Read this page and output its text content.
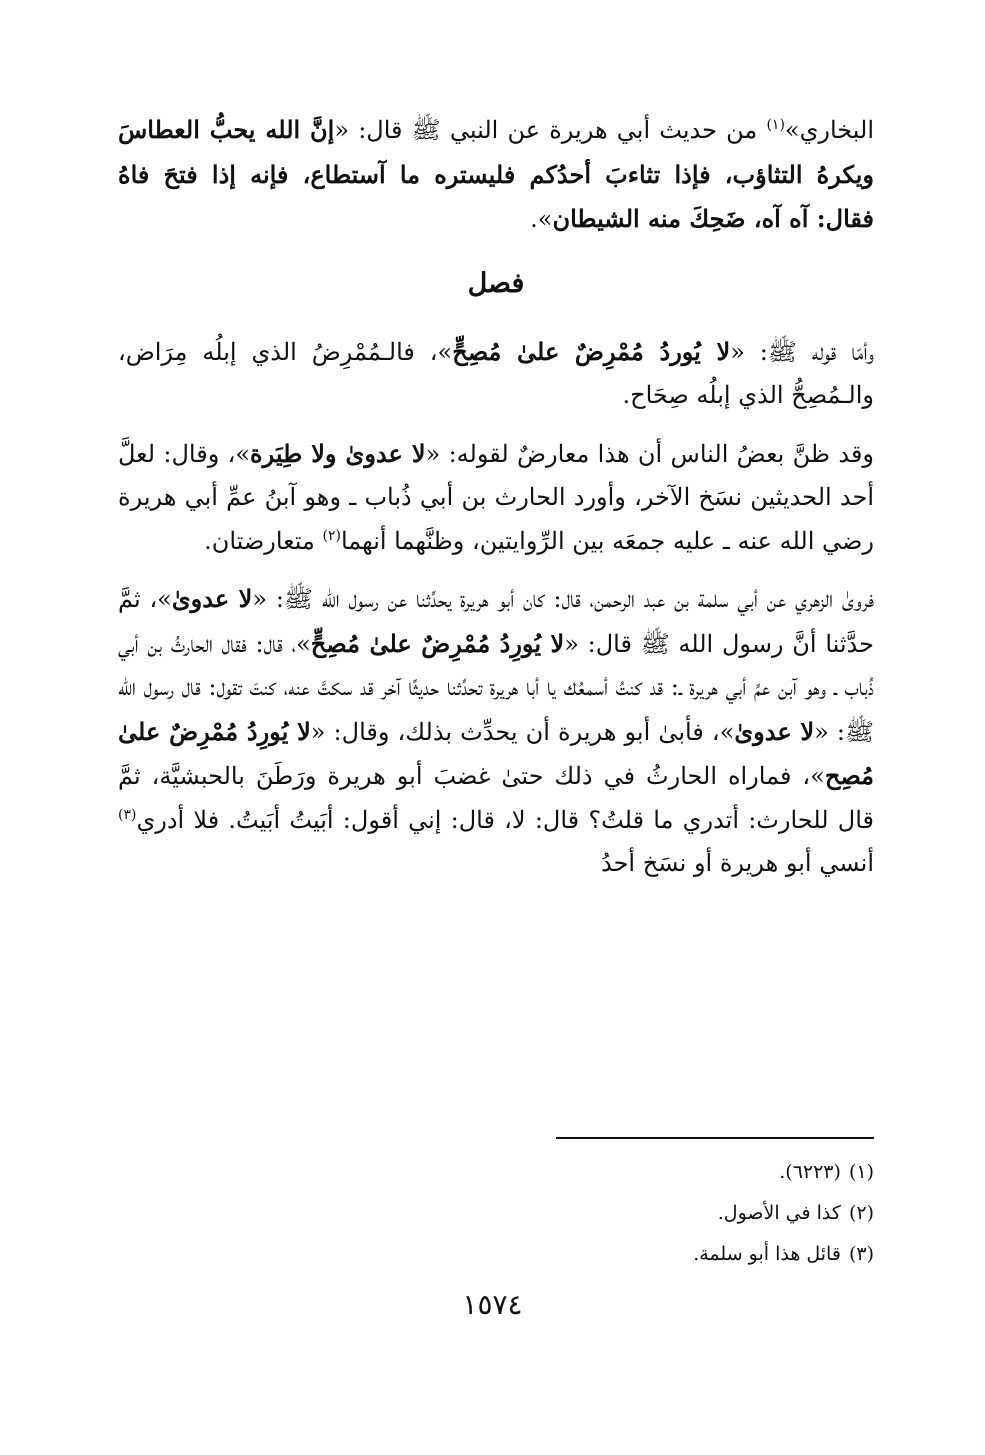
البخاري»$^{(١)}$ من حديث أبي هريرة عن النبي ﷺ قال: «إنَّ الله يحبُّ العطاسَ ويكرهُ التثاؤب، فإذا تثاءبَ أحدُكم فليستره ما آستطاع، فإنه إذا فتحَ فاهُ فقال: آه آه، ضَحِكَ منه الشيطان».

فصل

وأمّا قوله ﷺ: «لا يُوردُ مُمْرِضٌ علىٰ مُصِحٍّ»، فالـمُمْرِضُ الذي إبلُه مِرَاض، والـمُصِحُّ الذي إبلُه صِحَاح.

وقد ظنَّ بعضُ الناس أن هذا معارضٌ لقوله: «لا عدوىٰ ولا طِيَرة»، وقال: لعلَّ أحد الحديثين نسَخ الآخر، وأورد الحارث بن أبي ذُباب ـ وهو آبنُ عمِّ أبي هريرة رضي الله عنه ـ عليه جمعَه بين الرِّوايتين، وظنَّهما أنهما$^{(٢)}$ متعارضتان.

فروىٰ الزهري عن أبي سلمة بن عبد الرحمن، قال: كان أبو هريرة يحدِّثنا عن رسول الله ﷺ: «لا عدوىٰ»، ثمَّ حدَّثنا أنَّ رسول الله ﷺ قال: «لا يُورِدُ مُمْرِضٌ علىٰ مُصِحٍّ»، قال: فقال الحارثُ بن أبي ذُباب ـ وهو آبن عمِّ أبي هريرة ـ: قد كنتُ أسمعُك يا أبا هريرة تحدِّثنا حديثًا آخر قد سكتَّ عنه، كنتَ تقول: قال رسول الله ﷺ: «لا عدوىٰ»، فأبىٰ أبو هريرة أن يحدِّث بذلك، وقال: «لا يُورِدُ مُمْرِضٌ علىٰ مُصِح»، فماراه الحارثُ في ذلك حتىٰ غضبَ أبو هريرة ورَطَنَ بالحبشيَّة، ثمَّ قال للحارث: أتدري ما قلتُ؟ قال: لا، قال: إني أقول: أبَيتُ أبَيتُ. فلا أدري$^{(٣)}$ أنسي أبو هريرة أو نسَخ أحدُ

(١)(٦٢٢٣).
(٢)كذا في الأصول.
(٣)قائل هذا أبو سلمة.
١٥٧٤
